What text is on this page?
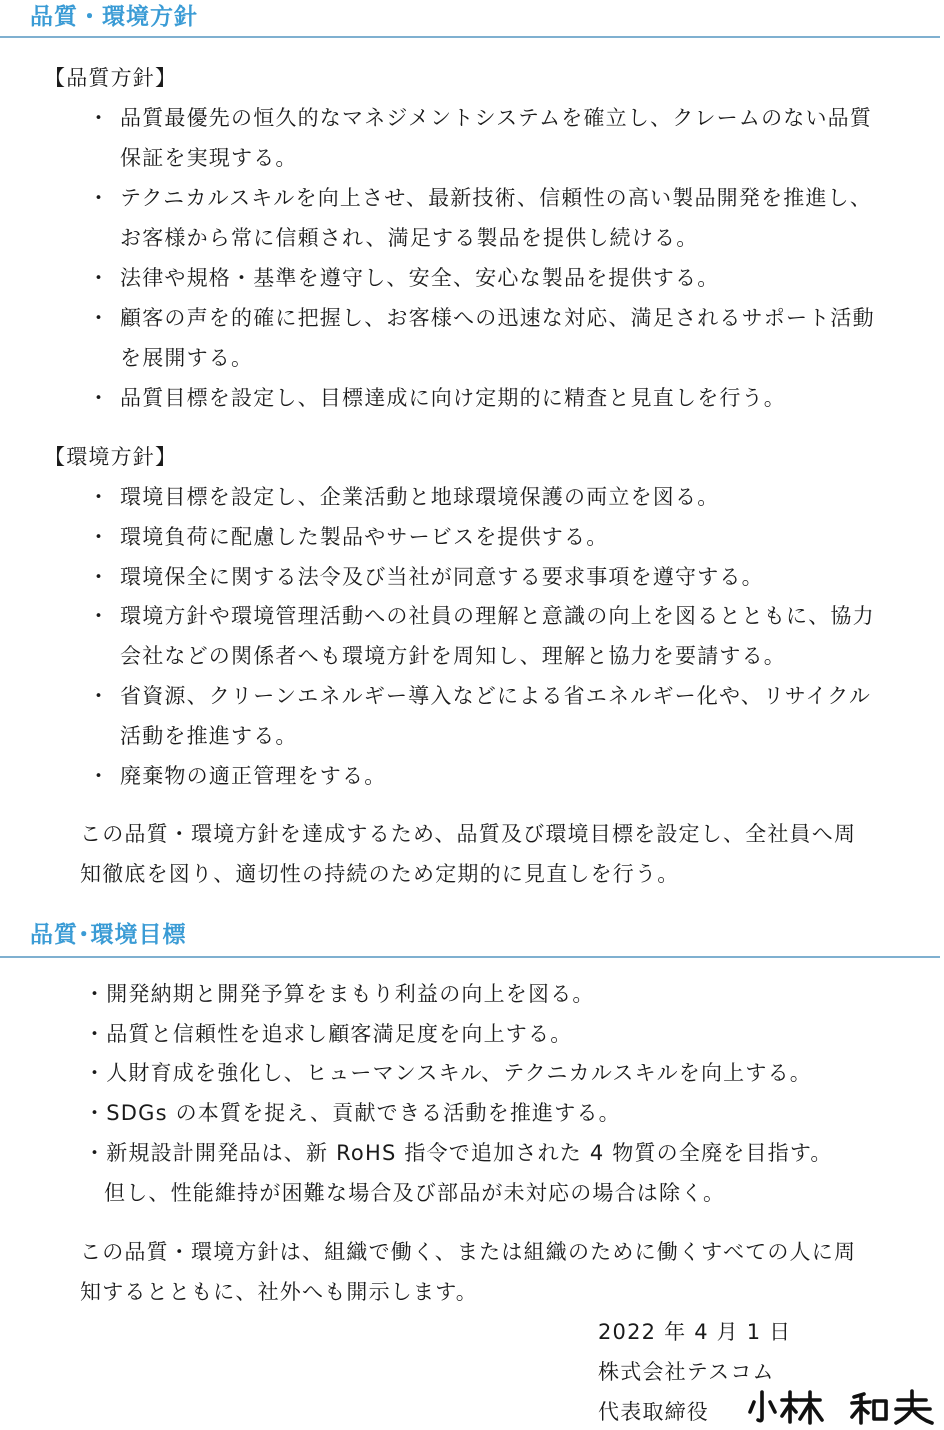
品質・環境方針
【品質方針】
・ 品質最優先の恒久的なマネジメントシステムを確立し、クレームのない品質
保証を実現する。
・ テクニカルスキルを向上させ、最新技術、信頼性の高い製品開発を推進し、
お客様から常に信頼され、満足する製品を提供し続ける。
・ 法律や規格・基準を遵守し、安全、安心な製品を提供する。
・ 顧客の声を的確に把握し、お客様への迅速な対応、満足されるサポート活動
を展開する。
・ 品質目標を設定し、目標達成に向け定期的に精査と見直しを行う。
【環境方針】
・ 環境目標を設定し、企業活動と地球環境保護の両立を図る。
・ 環境負荷に配慮した製品やサービスを提供する。
・ 環境保全に関する法令及び当社が同意する要求事項を遵守する。
・ 環境方針や環境管理活動への社員の理解と意識の向上を図るとともに、協力
会社などの関係者へも環境方針を周知し、理解と協力を要請する。
・ 省資源、クリーンエネルギー導入などによる省エネルギー化や、リサイクル
活動を推進する。
・ 廃棄物の適正管理をする。
この品質・環境方針を達成するため、品質及び環境目標を設定し、全社員へ周
知徹底を図り、適切性の持続のため定期的に見直しを行う。
品質･環境目標
・開発納期と開発予算をまもり利益の向上を図る。
・品質と信頼性を追求し顧客満足度を向上する。
・人財育成を強化し、ヒューマンスキル、テクニカルスキルを向上する。
・SDGs の本質を捉え、貢献できる活動を推進する。
・新規設計開発品は、新 RoHS 指令で追加された 4 物質の全廃を目指す。
但し、性能維持が困難な場合及び部品が未対応の場合は除く。
この品質・環境方針は、組織で働く、または組織のために働くすべての人に周
知するとともに、社外へも開示します。
2022 年 4 月 1 日
株式会社テスコム
代表取締役
